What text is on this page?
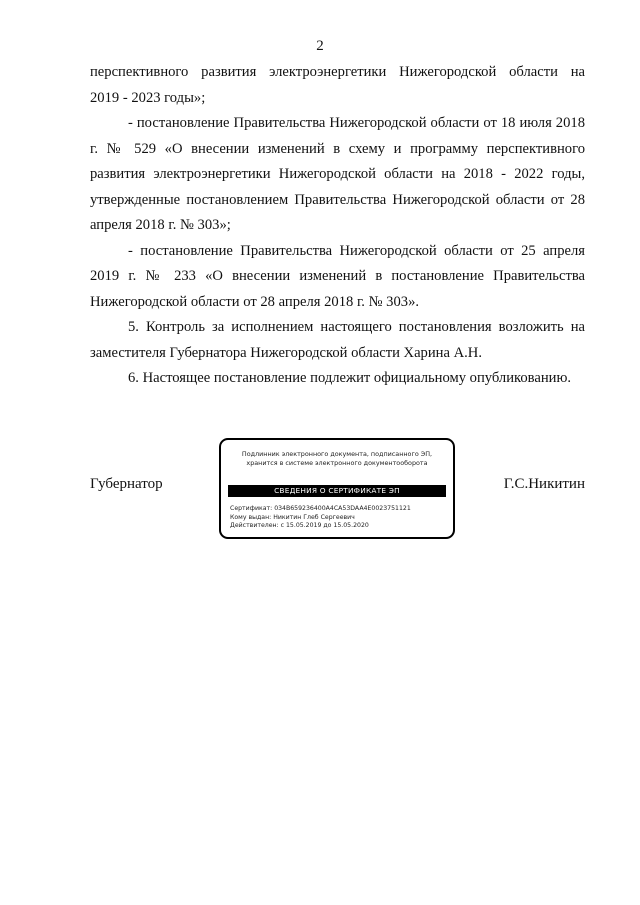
2

перспективного развития электроэнергетики Нижегородской области на

2019 - 2023 годы»;

- постановление Правительства Нижегородской области от 18 июля 2018 г. № 529 «О внесении изменений в схему и программу перспективного развития электроэнергетики Нижегородской области на 2018 - 2022 годы, утвержденные постановлением Правительства Нижегородской области от 28 апреля 2018 г. № 303»;

- постановление Правительства Нижегородской области от 25 апреля 2019 г. № 233 «О внесении изменений в постановление Правительства Нижегородской области от 28 апреля 2018 г. № 303».

5. Контроль за исполнением настоящего постановления возложить на заместителя Губернатора Нижегородской области Харина А.Н.

6. Настоящее постановление подлежит официальному опубликованию.

Губернатор
Подлинник электронного документа, подписанного ЭП,
хранится в системе электронного документооборота
СВЕДЕНИЯ О СЕРТИФИКАТЕ ЭП
Сертификат: 034B659236400A4CA53DAA4E0023751121
Кому выдан: Никитин Глеб Сергеевич
Действителен: с 15.05.2019 до 15.05.2020
Г.С.Никитин
